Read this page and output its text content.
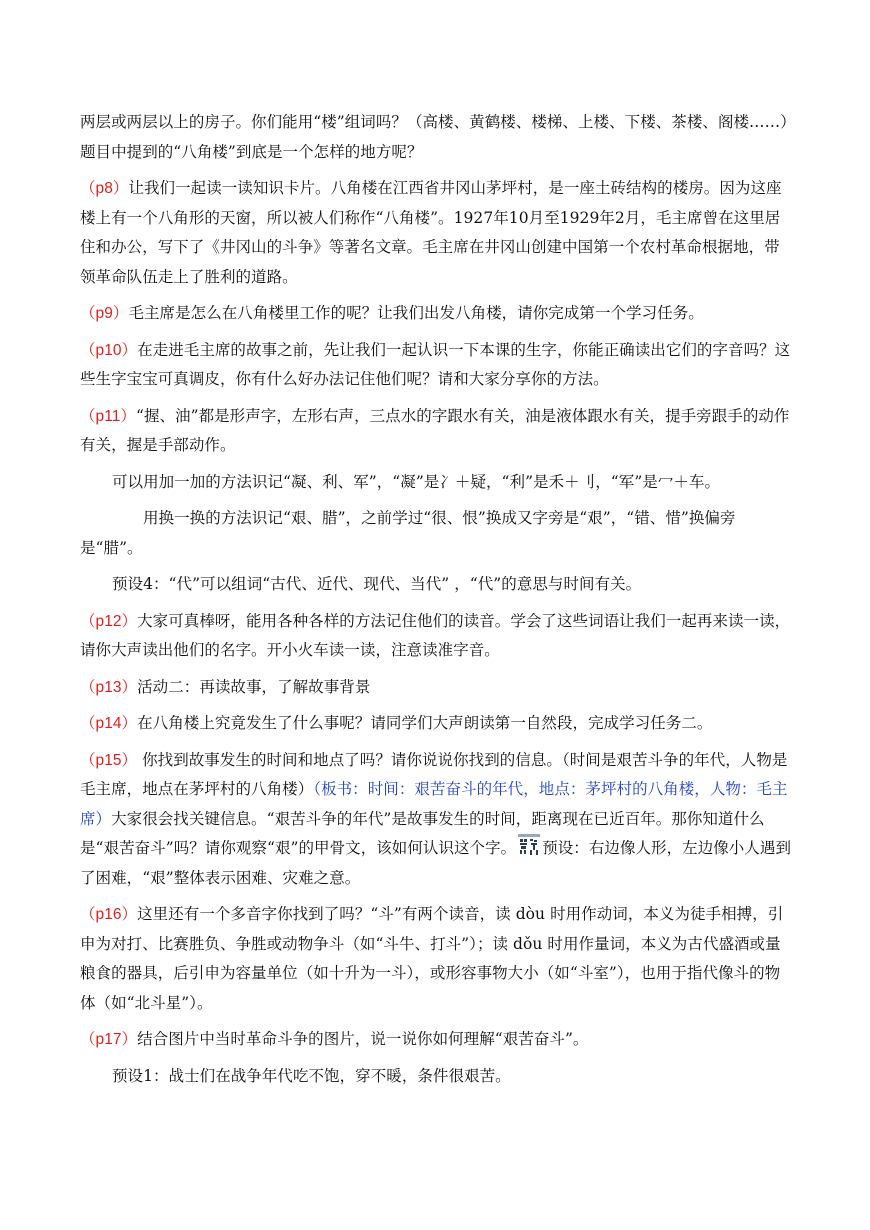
两层或两层以上的房子。你们能用“楼”组词吗？（高楼、黄鹤楼、楼梯、上楼、下楼、茶楼、阁楼……）题目中提到的“八角楼”到底是一个怎样的地方呢？

（p8）让我们一起读一读知识卡片。八角楼在江西省井冈山茅坪村，是一座土砖结构的楼房。因为这座楼上有一个八角形的天窗，所以被人们称作“八角楼”。1927年10月至1929年2月，毛主席曾在这里居住和办公，写下了《井冈山的斗争》等著名文章。毛主席在井冈山创建中国第一个农村革命根据地，带领革命队伍走上了胜利的道路。

（p9）毛主席是怎么在八角楼里工作的呢？让我们出发八角楼，请你完成第一个学习任务。

（p10）在走进毛主席的故事之前，先让我们一起认识一下本课的生字，你能正确读出它们的字音吗？这些生字宝宝可真调皮，你有什么好办法记住他们呢？请和大家分享你的方法。

（p11）“握、油”都是形声字，左形右声，三点水的字跟水有关，油是液体跟水有关，提手旁跟手的动作有关，握是手部动作。

可以用加一加的方法识记“凝、利、军”，“凝”是冫＋疑，“利”是禾＋刂，“军”是冖＋车。

用换一换的方法识记“艰、腊”，之前学过“很、恨”换成又字旁是“艰”，“错、惜”换偏旁是“腊”。

预设4：“代”可以组词“古代、近代、现代、当代” ，“代”的意思与时间有关。

（p12）大家可真棒呀，能用各种各样的方法记住他们的读音。学会了这些词语让我们一起再来读一读，请你大声读出他们的名字。开小火车读一读，注意读准字音。

（p13）活动二：再读故事，了解故事背景

（p14）在八角楼上究竟发生了什么事呢？请同学们大声朗读第一自然段，完成学习任务二。

（p15） 你找到故事发生的时间和地点了吗？请你说说你找到的信息。（时间是艰苦斗争的年代，人物是毛主席，地点在茅坪村的八角楼）（板书：时间：艰苦奋斗的年代，地点：茅坪村的八角楼，人物：毛主席）大家很会找关键信息。“艰苦斗争的年代”是故事发生的时间，距离现在已近百年。那你知道什么是“艰苦奋斗”吗？请你观察“艰”的甲骨文，该如何认识这个字。 预设：右边像人形，左边像小人遇到了困难，“艰”整体表示困难、灾难之意。

（p16）这里还有一个多音字你找到了吗？“斗”有两个读音，读 dòu 时用作动词，本义为徒手相搏，引申为对打、比赛胜负、争胜或动物争斗（如“斗牛、打斗”）；读 dǒu 时用作量词，本义为古代盛酒或量粮食的器具，后引申为容量单位（如十升为一斗），或形容事物大小（如“斗室”），也用于指代像斗的物体（如“北斗星”）。

（p17）结合图片中当时革命斗争的图片，说一说你如何理解“艰苦奋斗”。

预设1：战士们在战争年代吃不饱，穿不暖，条件很艰苦。
